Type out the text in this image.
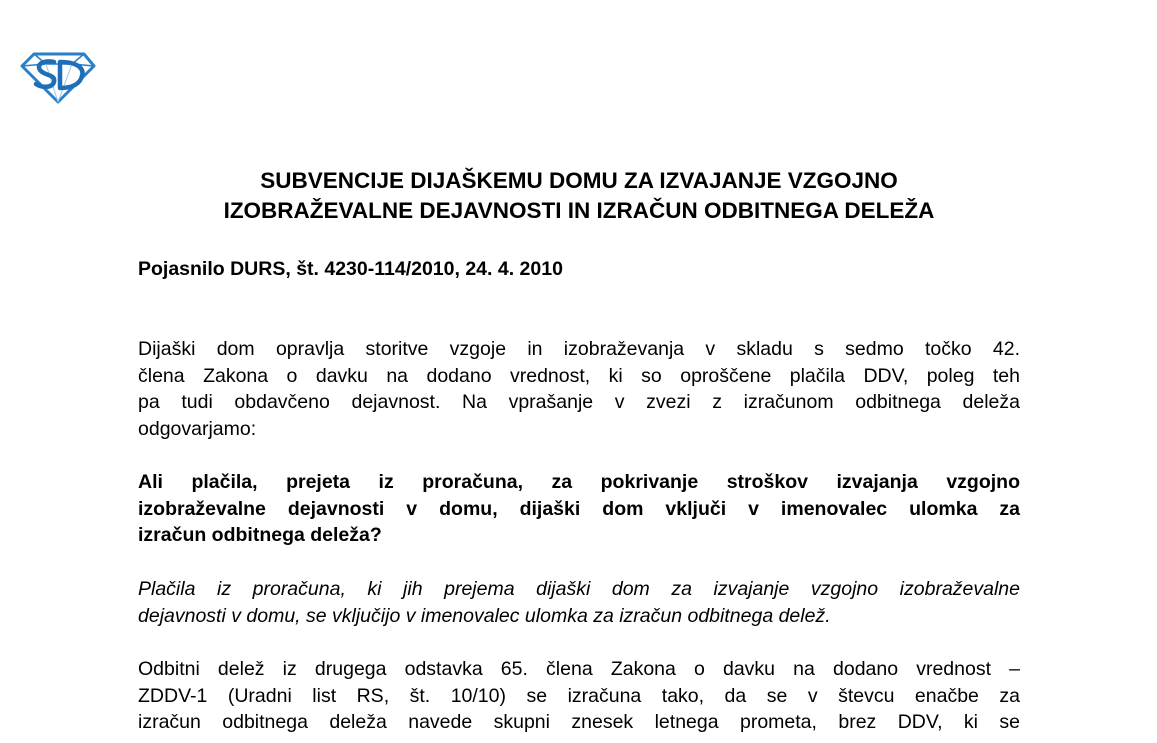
SUBVENCIJE DIJAŠKEMU DOMU ZA IZVAJANJE VZGOJNO
IZOBRAŽEVALNE DEJAVNOSTI IN IZRAČUN ODBITNEGA DELEŽA

Pojasnilo DURS, št. 4230-114/2010, 24. 4. 2010

Dijaški dom opravlja storitve vzgoje in izobraževanja v skladu s sedmo točko 42.
člena Zakona o davku na dodano vrednost, ki so oproščene plačila DDV, poleg teh
pa tudi obdavčeno dejavnost. Na vprašanje v zvezi z izračunom odbitnega deleža
odgovarjamo:

Ali plačila, prejeta iz proračuna, za pokrivanje stroškov izvajanja vzgojno
izobraževalne dejavnosti v domu, dijaški dom vključi v imenovalec ulomka za
izračun odbitnega deleža?

Plačila iz proračuna, ki jih prejema dijaški dom za izvajanje vzgojno izobraževalne
dejavnosti v domu, se vključijo v imenovalec ulomka za izračun odbitnega delež.

Odbitni delež iz drugega odstavka 65. člena Zakona o davku na dodano vrednost –
ZDDV-1 (Uradni list RS, št. 10/10) se izračuna tako, da se v števcu enačbe za
izračun odbitnega deleža navede skupni znesek letnega prometa, brez DDV, ki se
